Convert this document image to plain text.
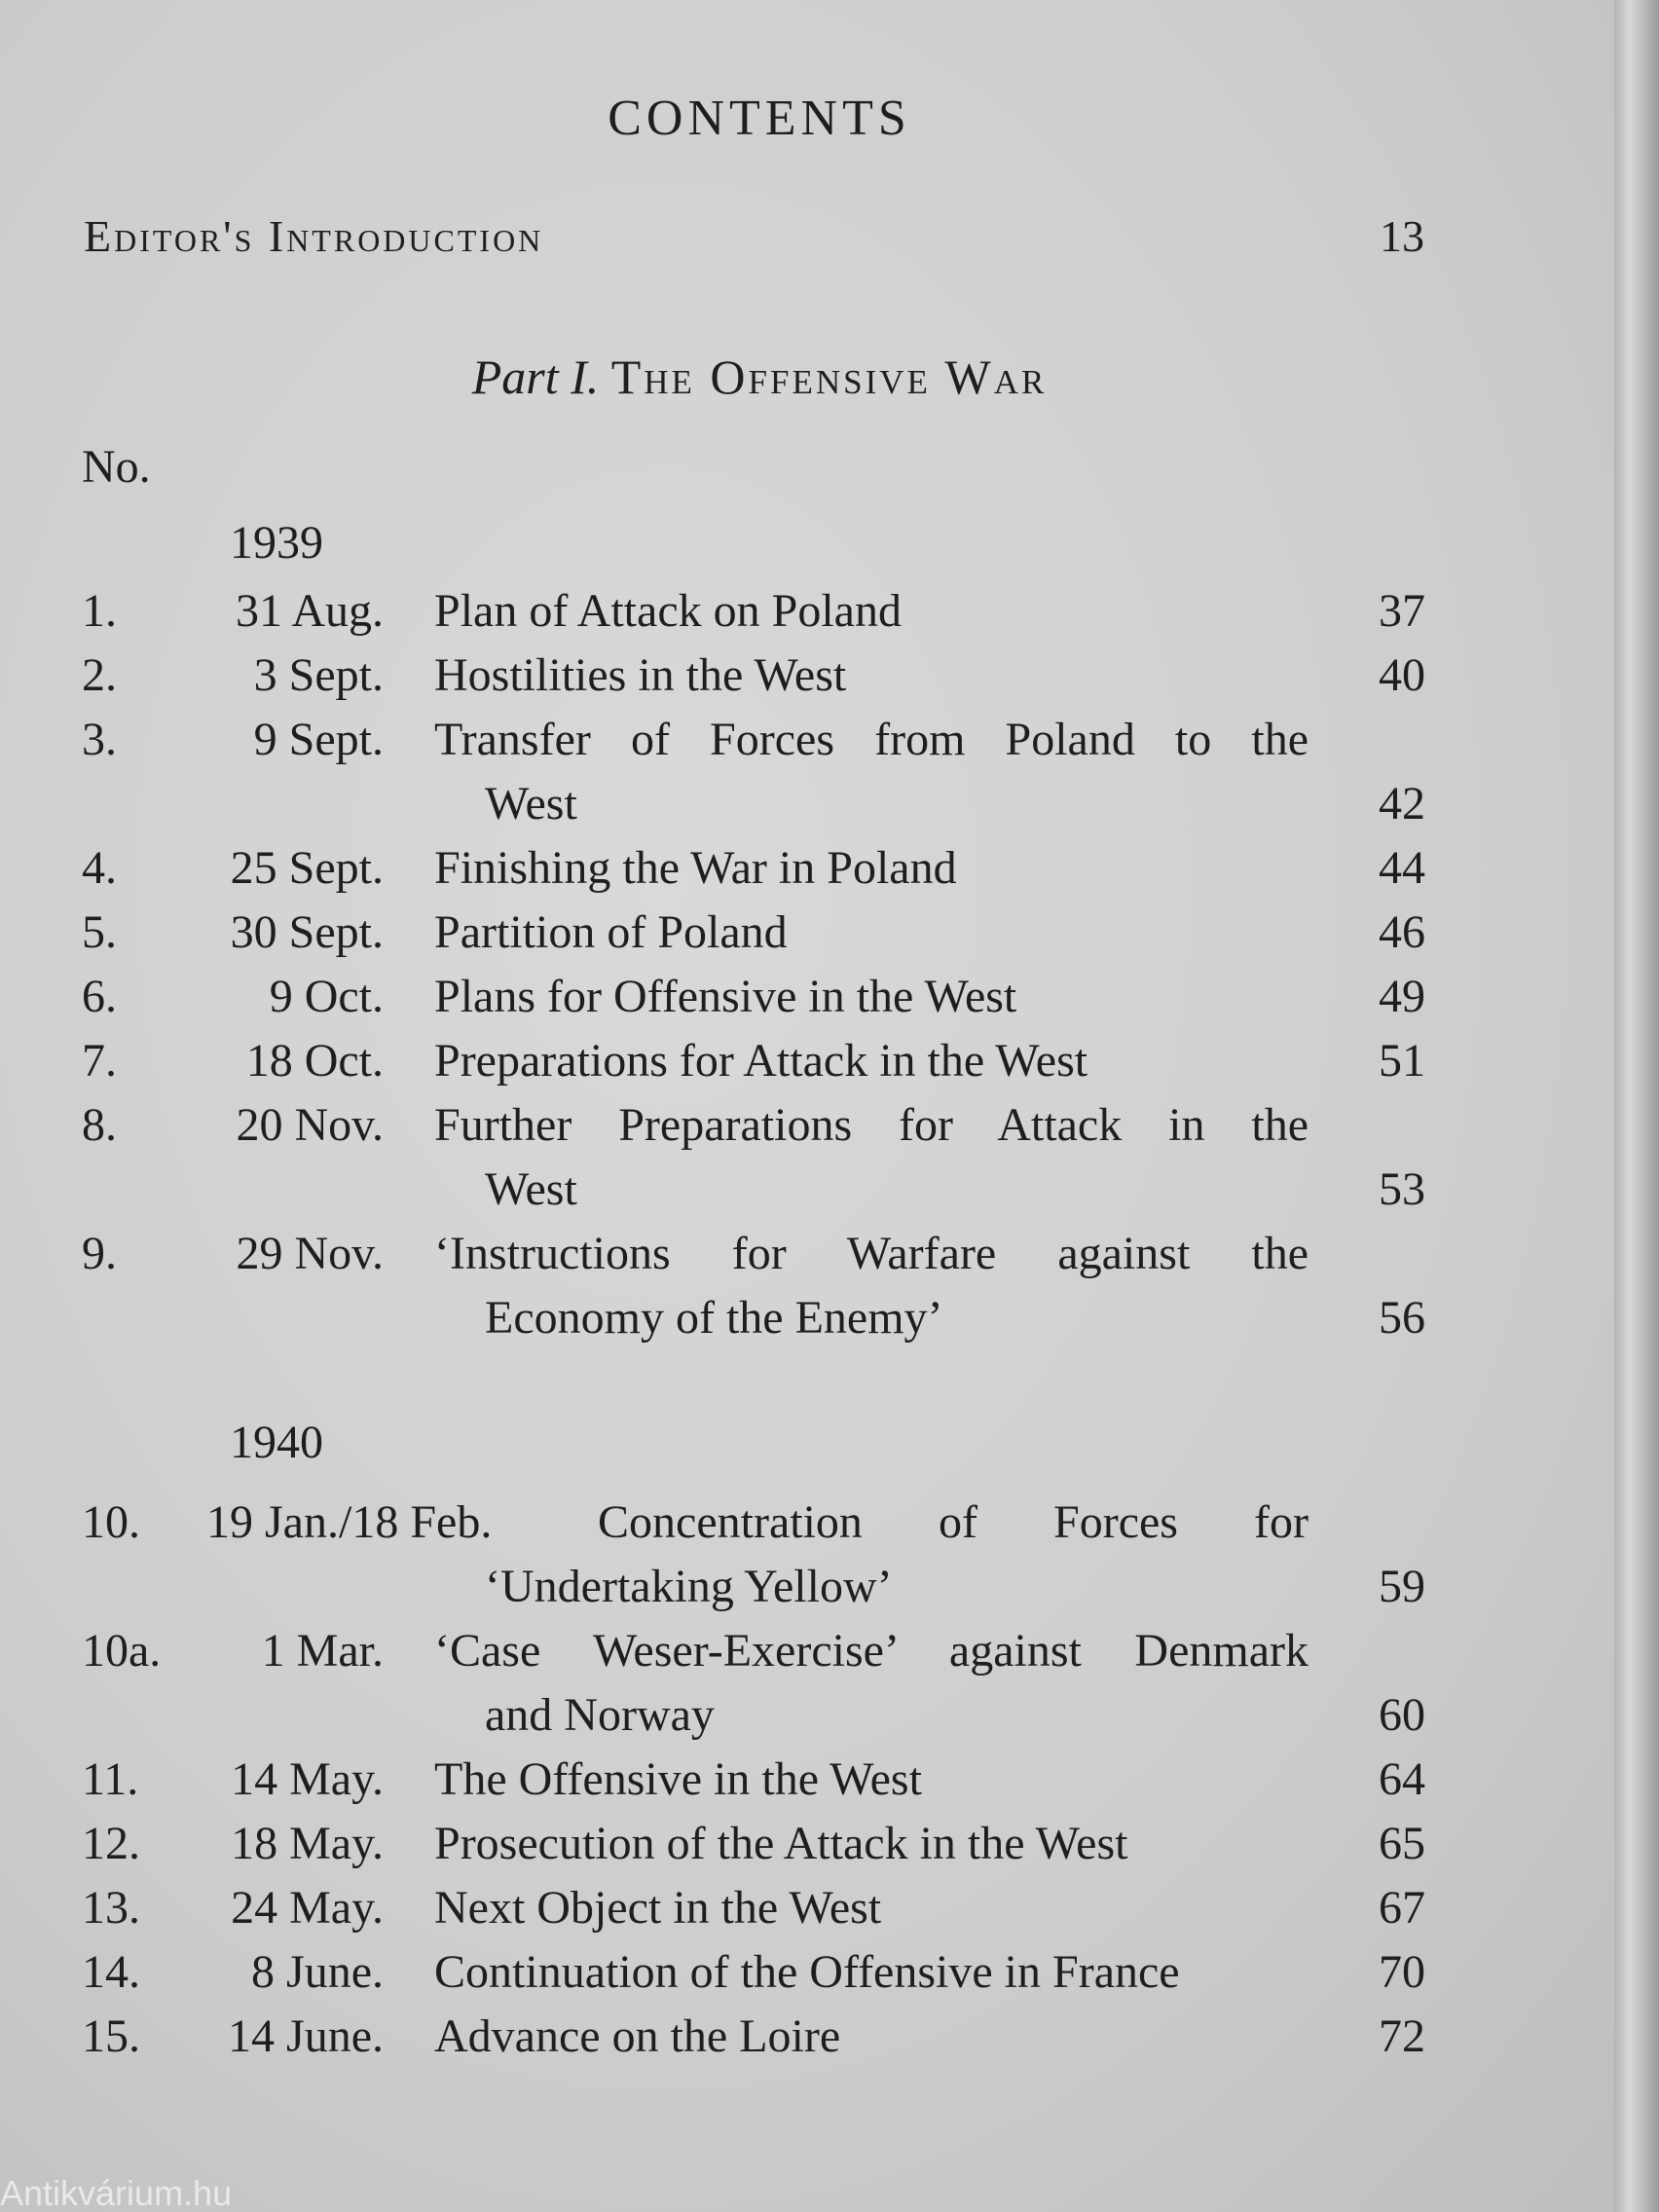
CONTENTS
Editor's Introduction	13
Part I. The Offensive War
No.
1939
1.	31 Aug. Plan of Attack on Poland	37
2.	3 Sept. Hostilities in the West	40
3.	9 Sept. Transfer of Forces from Poland to the
West	42
4.	25 Sept. Finishing the War in Poland	44
5.	30 Sept. Partition of Poland	46
6.	9 Oct. Plans for Offensive in the West	49
7.	18 Oct. Preparations for Attack in the West	51
8.	20 Nov. Further Preparations for Attack in the
West	53
9.	29 Nov. ‘Instructions for Warfare against the
Economy of the Enemy’	56
1940
10.	19 Jan./18 Feb. Concentration of Forces for
‘Undertaking Yellow’	59
10a.	1 Mar. ‘Case Weser-Exercise’ against Denmark
and Norway	60
11.	14 May. The Offensive in the West	64
12.	18 May. Prosecution of the Attack in the West	65
13.	24 May. Next Object in the West	67
14.	8 June. Continuation of the Offensive in France	70
15.	14 June. Advance on the Loire	72
Antikvárium.hu
